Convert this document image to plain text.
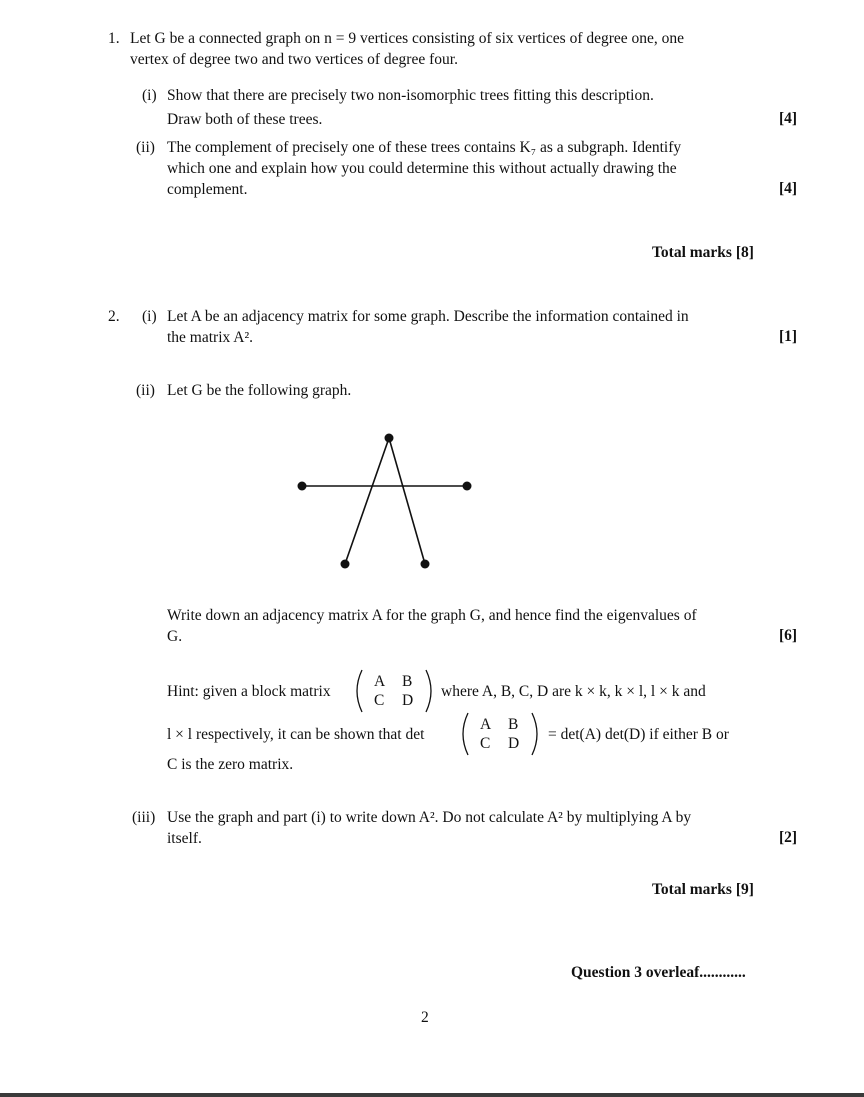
1. Let G be a connected graph on n = 9 vertices consisting of six vertices of degree one, one
vertex of degree two and two vertices of degree four.
(i) Show that there are precisely two non-isomorphic trees fitting this description.
Draw both of these trees.	[4]
(ii) The complement of precisely one of these trees contains K₇ as a subgraph. Identify
which one and explain how you could determine this without actually drawing the
complement.	[4]
Total marks [8]
2. (i) Let A be an adjacency matrix for some graph. Describe the information contained in
the matrix A².	[1]
(ii) Let G be the following graph.
Write down an adjacency matrix A for the graph G, and hence find the eigenvalues of
G.	[6]
Hint: given a block matrix
A B
C D
where A, B, C, D are k × k, k × l, l × k and
l × l respectively, it can be shown that det
A B
C D
= det(A) det(D) if either B or
C is the zero matrix.
(iii) Use the graph and part (i) to write down A². Do not calculate A² by multiplying A by
itself.	[2]
Total marks [9]
Question 3 overleaf............
2
